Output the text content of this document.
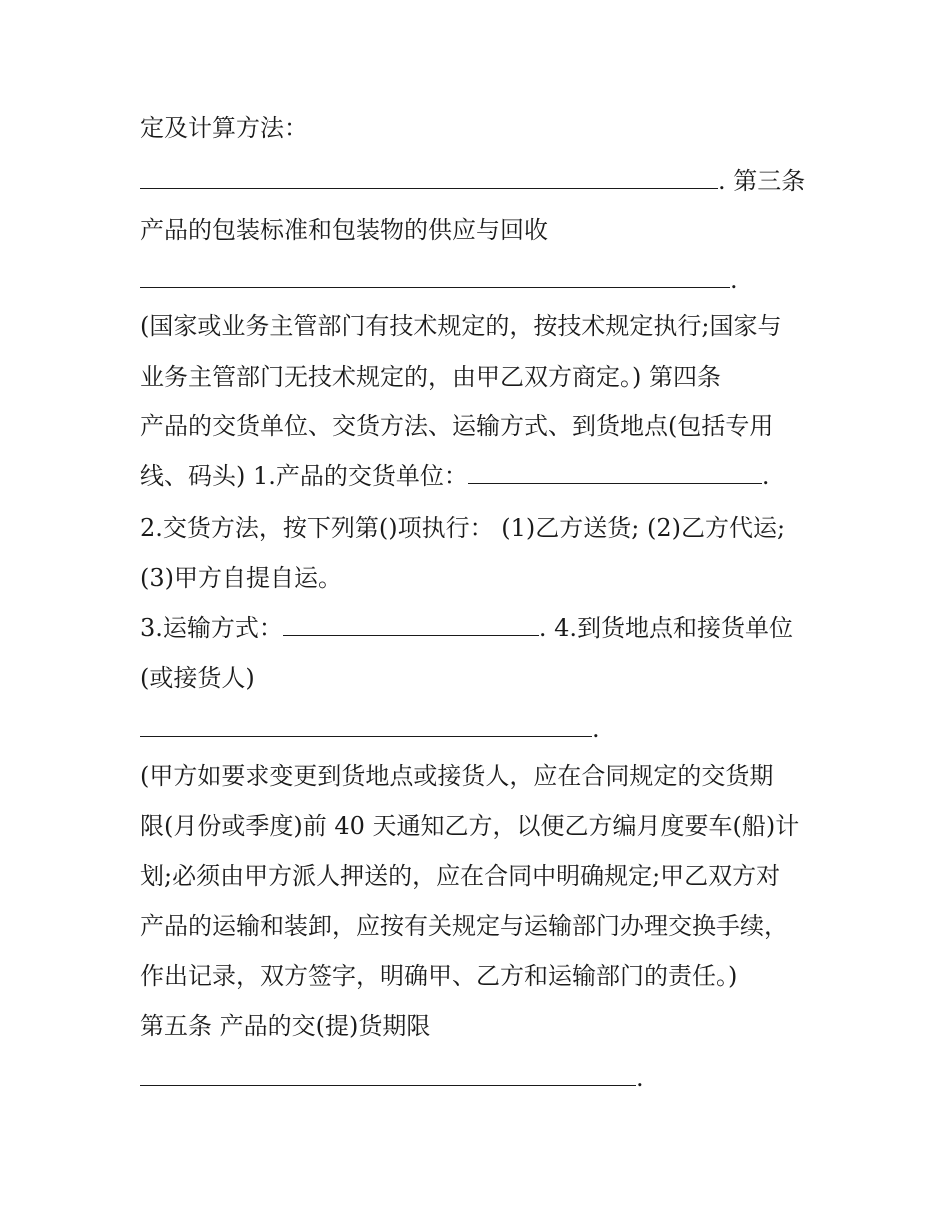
定及计算方法：
. 第三条
产品的包装标准和包装物的供应与回收
.
(国家或业务主管部门有技术规定的，按技术规定执行;国家与
业务主管部门无技术规定的，由甲乙双方商定。) 第四条
产品的交货单位、交货方法、运输方式、到货地点(包括专用
线、码头) 1.产品的交货单位：	.
2.交货方法，按下列第()项执行： (1)乙方送货; (2)乙方代运;
(3)甲方自提自运。
3.运输方式：	. 4.到货地点和接货单位
(或接货人)
.
(甲方如要求变更到货地点或接货人，应在合同规定的交货期
限(月份或季度)前 40 天通知乙方，以便乙方编月度要车(船)计
划;必须由甲方派人押送的，应在合同中明确规定;甲乙双方对
产品的运输和装卸，应按有关规定与运输部门办理交换手续，
作出记录，双方签字，明确甲、乙方和运输部门的责任。)
第五条 产品的交(提)货期限
.
